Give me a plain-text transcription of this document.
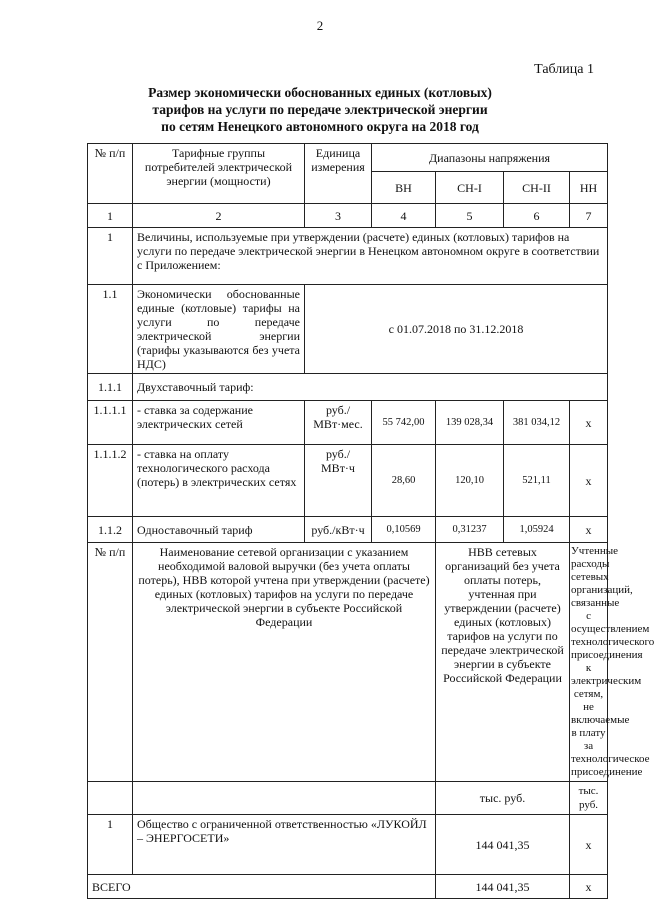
2
Таблица 1
Размер экономически обоснованных единых (котловых)
тарифов на услуги по передаче электрической энергии
по сетям Ненецкого автономного округа на 2018 год
№ п/п	Тарифные группы потребителей электрической энергии (мощности)	Единица измерения	Диапазоны напряжения			
			ВН	СН-I	СН-II	НН
1	2	3	4	5	6	7
1	Величины, используемые при утверждении (расчете) единых (котловых) тарифов на услуги по передаче электрической энергии в Ненецком автономном округе в соответствии с Приложением:					
1.1	Экономически обоснованные единые (котловые) тарифы на услуги по передаче электрической энергии (тарифы указываются без учета НДС)	с 01.07.2018 по 31.12.2018				
1.1.1	Двухставочный тариф:					
1.1.1.1	- ставка за содержание электрических сетей	руб./ МВт·мес.	55 742,00	139 028,34	381 034,12	х
1.1.1.2	- ставка на оплату технологического расхода (потерь) в электрических сетях	руб./ МВт·ч	28,60	120,10	521,11	х
1.1.2	Одноставочный тариф	руб./кВт·ч	0,10569	0,31237	1,05924	х
№ п/п	Наименование сетевой организации с указанием необходимой валовой выручки (без учета оплаты потерь), НВВ которой учтена при утверждении (расчете) единых (котловых) тарифов на услуги по передаче электрической энергии в субъекте Российской Федерации			НВВ сетевых организаций без учета оплаты потерь, учтенная при утверждении (расчете) единых (котловых) тарифов на услуги по передаче электрической энергии в субъекте Российской Федерации		Учтенные расходы сетевых организаций, связанные с осуществлением технологического присоединения к электрическим сетям, не включаемые в плату за технологическое присоединение
				тыс. руб.		тыс. руб.
1	Общество с ограниченной ответственностью «ЛУКОЙЛ – ЭНЕРГОСЕТИ»			144 041,35		х
ВСЕГО				144 041,35		х
